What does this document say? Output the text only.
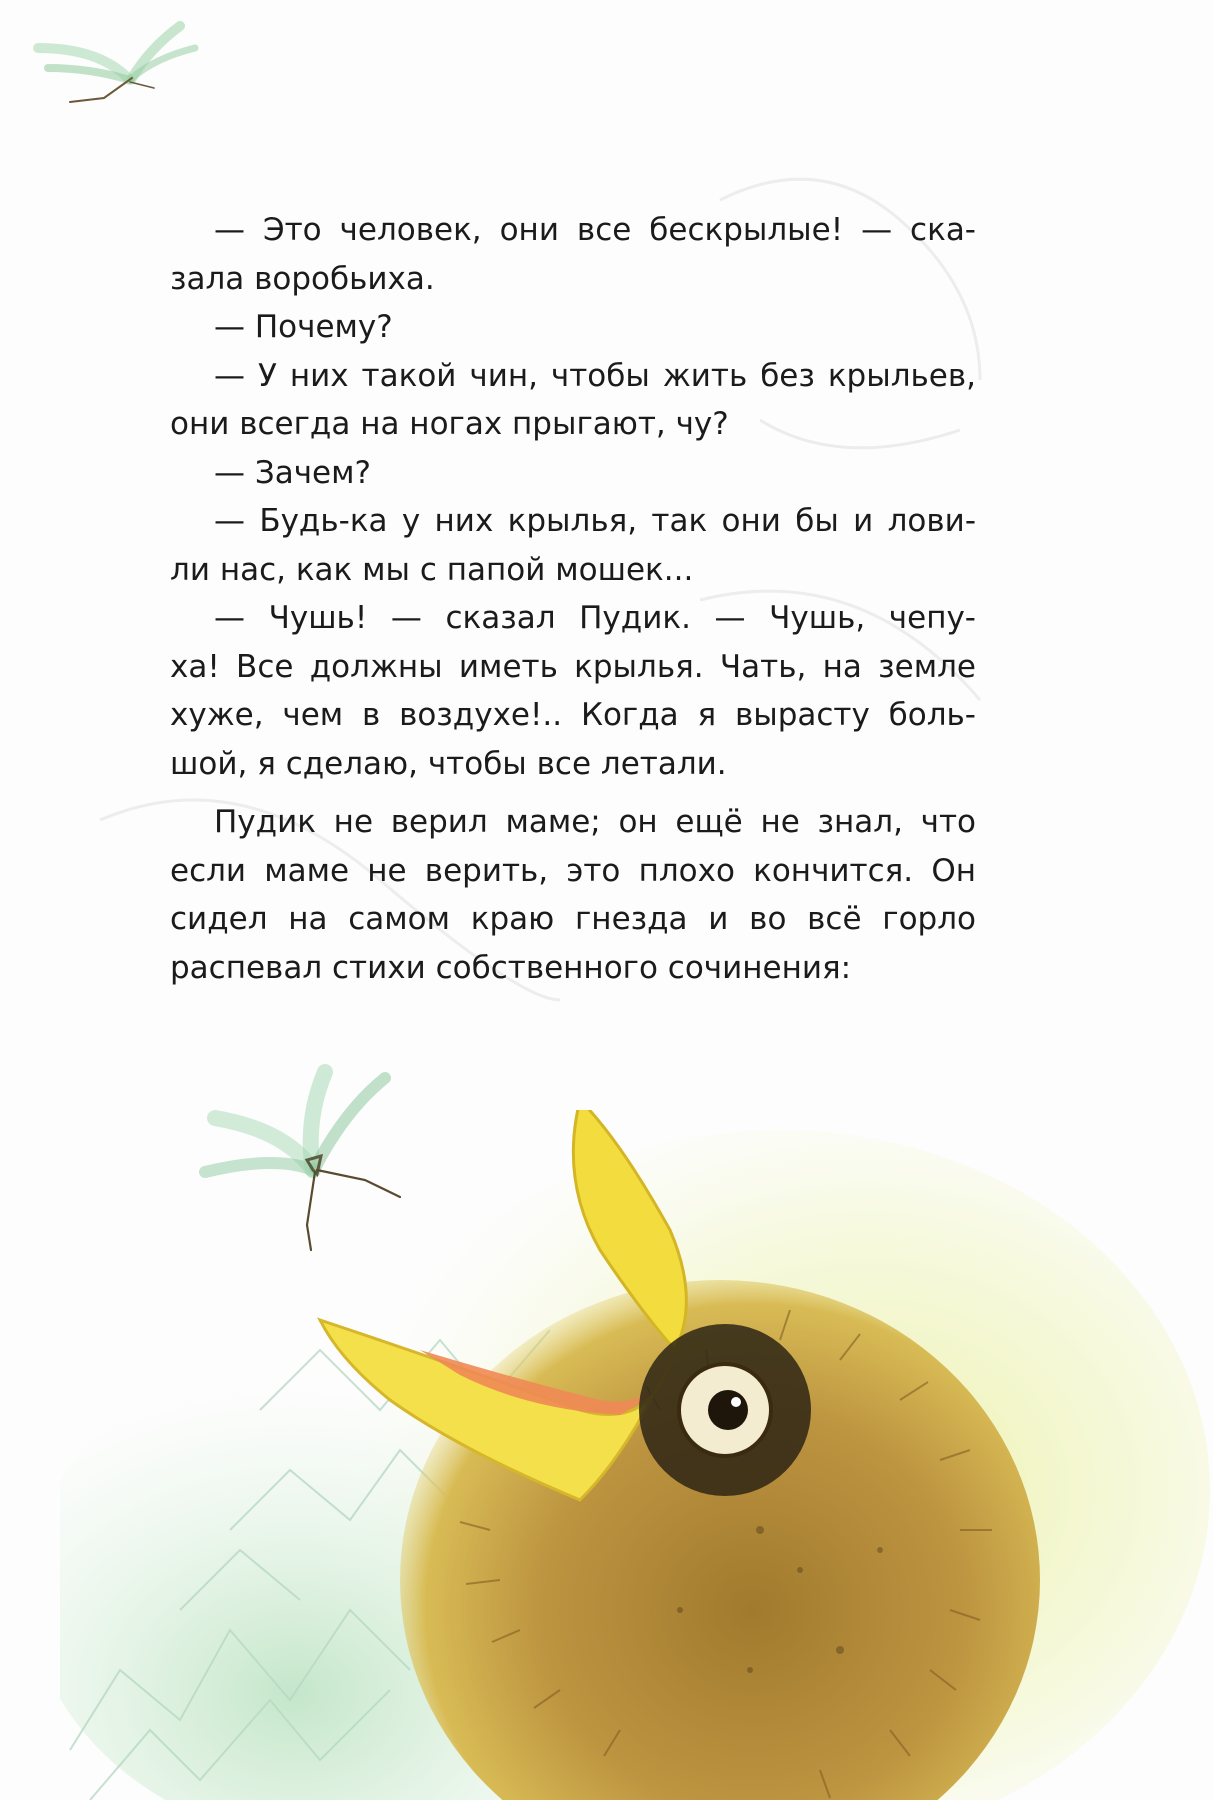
— Это человек, они все бескрылые! — ска-
зала воробьиха.
— Почему?
— У них такой чин, чтобы жить без крыльев,
они всегда на ногах прыгают, чу?
— Зачем?
— Будь-ка у них крылья, так они бы и лови-
ли нас, как мы с папой мошек...
— Чушь! — сказал Пудик. — Чушь, чепу-
ха! Все должны иметь крылья. Чать, на земле
хуже, чем в воздухе!.. Когда я вырасту боль-
шой, я сделаю, чтобы все летали.
Пудик не верил маме; он ещё не знал, что
если маме не верить, это плохо кончится. Он
сидел на самом краю гнезда и во всё горло
распевал стихи собственного сочинения:
